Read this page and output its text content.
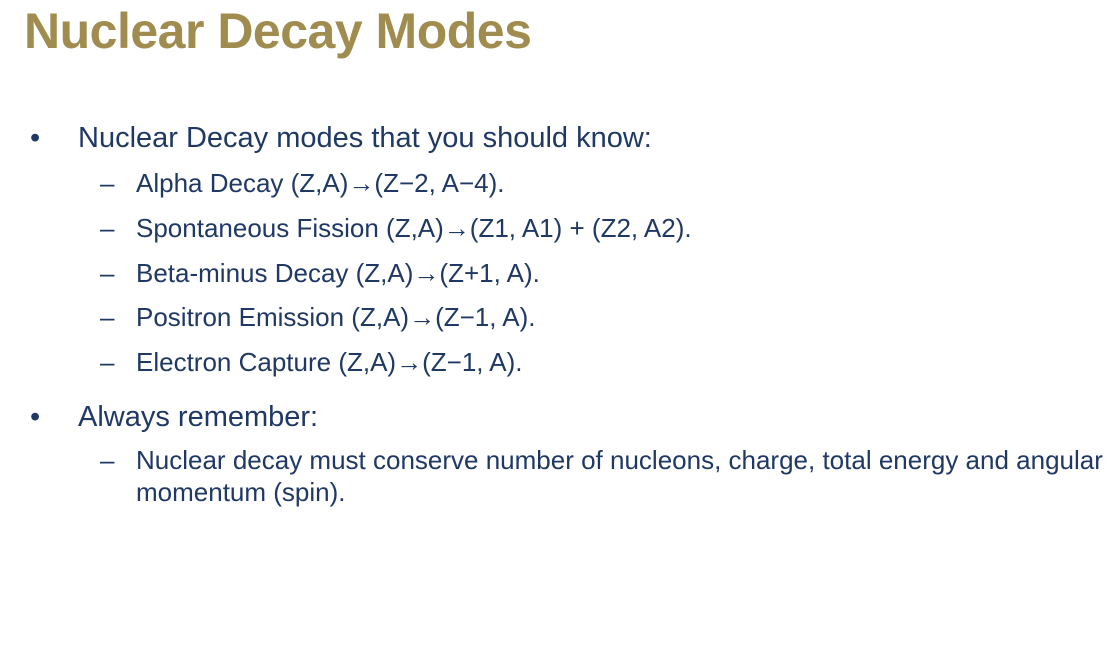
Nuclear Decay Modes
• Nuclear Decay modes that you should know:
– Alpha Decay (Z,A)→(Z−2, A−4).
– Spontaneous Fission (Z,A)→(Z1, A1) + (Z2, A2).
– Beta-minus Decay (Z,A)→(Z+1, A).
– Positron Emission (Z,A)→(Z−1, A).
– Electron Capture (Z,A)→(Z−1, A).
• Always remember:
– Nuclear decay must conserve number of nucleons, charge, total energy and angular momentum (spin).
